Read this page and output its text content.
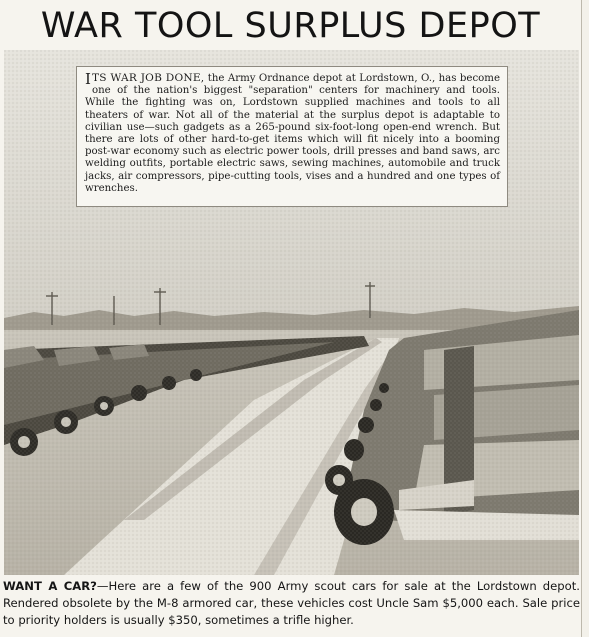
WAR TOOL SURPLUS DEPOT
I TS WAR JOB DONE, the Army Ordnance depot at Lordstown, O., has become one of the nation's biggest "separation" centers for machinery and tools. While the fighting was on, Lordstown supplied machines and tools to all theaters of war. Not all of the material at the surplus depot is adaptable to civilian use—such gadgets as a 265-pound six-foot-long open-end wrench. But there are lots of other hard-to-get items which will fit nicely into a booming post-war economy such as electric power tools, drill presses and band saws, arc welding outfits, portable electric saws, sewing machines, automobile and truck jacks, air compressors, pipe-cutting tools, vises and a hundred and one types of wrenches.
WANT A CAR?—Here are a few of the 900 Army scout cars for sale at the Lordstown depot. Rendered obsolete by the M-8 armored car, these vehicles cost Uncle Sam $5,000 each. Sale price to priority holders is usually $350, sometimes a trifle higher.
